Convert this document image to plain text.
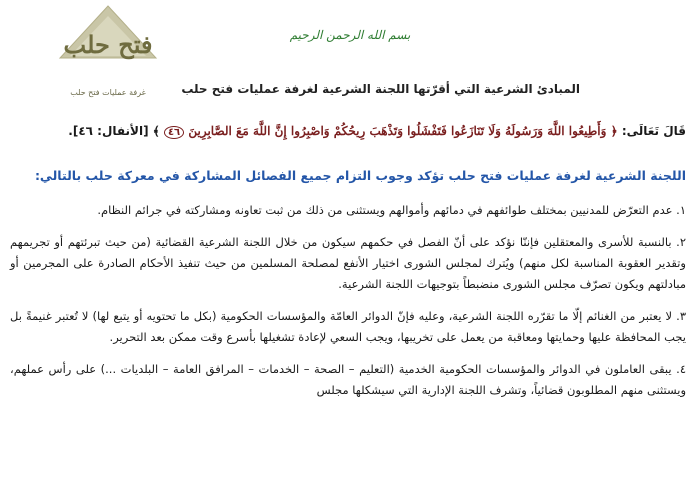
فتح حلب
غرفة عمليات فتح حلب
بسم الله الرحمن الرحيم
المبادئ الشرعية التي أقرّتها اللجنة الشرعية لغرفة عمليات فتح حلب
قَالَ تَعَالَى: ﴿ وَأَطِيعُوا اللَّهَ وَرَسُولَهُ وَلَا تَنَازَعُوا فَتَفْشَلُوا وَتَذْهَبَ رِيحُكُمْ وَاصْبِرُوا إِنَّ اللَّهَ مَعَ الصَّابِرِينَ ٤٦ ﴾ [الأنفال: ٤٦].
اللجنة الشرعية لغرفة عمليات فتح حلب تؤكد وجوب التزام جميع الفصائل المشاركة في معركة حلب بالتالي:
١. عدم التعرّض للمدنيين بمختلف طوائفهم في دمائهم وأموالهم ويستثنى من ذلك من ثبت تعاونه ومشاركته في جرائم النظام.
٢. بالنسبة للأسرى والمعتقلين فإننّا نؤكد على أنّ الفصل في حكمهم سيكون من خلال اللجنة الشرعية القضائية (من حيث تبرئتهم أو تجريمهم وتقدير العقوبة المناسبة لكل منهم) ويُترك لمجلس الشورى اختيار الأنفع لمصلحة المسلمين من حيث تنفيذ الأحكام الصادرة على المجرمين أو مبادلتهم ويكون تصرّف مجلس الشورى منضبطاً بتوجيهات اللجنة الشرعية.
٣. لا يعتبر من الغنائم إلّا ما تقرّره اللجنة الشرعية، وعليه فإنّ الدوائر العامّة والمؤسسات الحكومية (بكل ما تحتويه أو يتبع لها) لا تُعتبر غنيمةً بل يجب المحافظة عليها وحمايتها ومعاقبة من يعمل على تخريبها، ويجب السعي لإعادة تشغيلها بأسرع وقت ممكن بعد التحرير.
٤. يبقى العاملون في الدوائر والمؤسسات الحكومية الخدمية (التعليم – الصحة – الخدمات – المرافق العامة – البلديات ...) على رأس عملهم، ويستثنى منهم المطلوبون قضائياً، وتشرف اللجنة الإدارية التي سيشكلها مجلس
